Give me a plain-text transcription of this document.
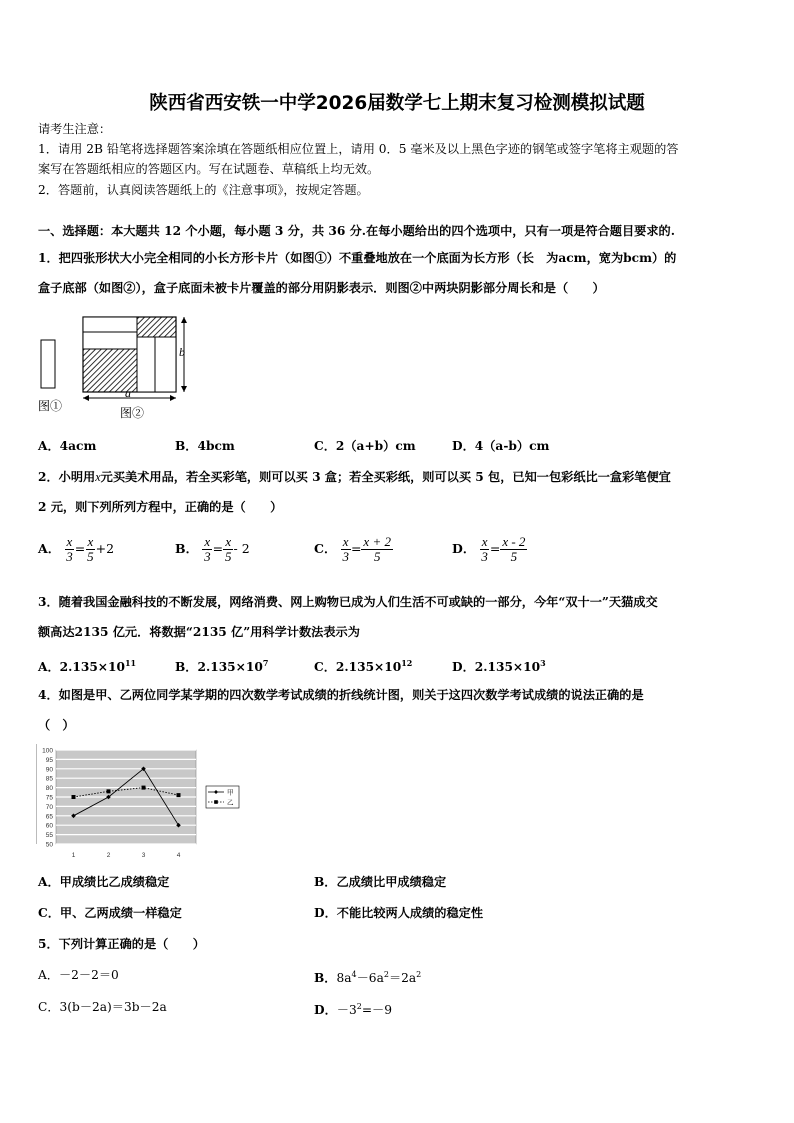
陕西省西安铁一中学2026届数学七上期末复习检测模拟试题
请考生注意：
1．请用 2B 铅笔将选择题答案涂填在答题纸相应位置上，请用 0．5 毫米及以上黑色字迹的钢笔或签字笔将主观题的答
案写在答题纸相应的答题区内。写在试题卷、草稿纸上均无效。
2．答题前，认真阅读答题纸上的《注意事项》，按规定答题。
一、选择题：本大题共 12 个小题，每小题 3 分，共 36 分.在每小题给出的四个选项中，只有一项是符合题目要求的.
1．把四张形状大小完全相同的小长方形卡片（如图①）不重叠地放在一个底面为长方形（长　为acm，宽为bcm）的
盒子底部（如图②），盒子底面未被卡片覆盖的部分用阴影表示．则图②中两块阴影部分周长和是（　　）
b
a
图①	图②
A．4acm	B．4bcm	C．2（a+b）cm	D．4（a-b）cm
2．小明用x元买美术用品，若全买彩笔，则可以买 3 盒；若全买彩纸，则可以买 5 包，已知一包彩纸比一盒彩笔便宜
2 元，则下列所列方程中，正确的是（　　）
A． $\frac{x}{3} = \frac{x}{5} +2$	B． $\frac{x}{3} = \frac{x}{5} - 2$	C． $\frac{x}{3} = \frac{x + 2}{5}$	D． $\frac{x}{3} = \frac{x - 2}{5}$
3．随着我国金融科技的不断发展，网络消费、网上购物已成为人们生活不可或缺的一部分，今年“双十一”天猫成交
额高达2135 亿元．将数据“2135 亿”用科学计数法表示为
A．$2.135\times 10^{11}$	B．$2.135\times 10^7$	C．$2.135\times 10^{12}$	D．$2.135\times 10^3$
4．如图是甲、乙两位同学某学期的四次数学考试成绩的折线统计图，则关于这四次数学考试成绩的说法正确的是
（　）
50
55
60
65
70
75
80
85
90
95
100
1	2	3	4
甲
乙
A．甲成绩比乙成绩稳定	B．乙成绩比甲成绩稳定
C．甲、乙两成绩一样稳定	D．不能比较两人成绩的稳定性
5．下列计算正确的是（　　）
A．－2－2＝0	B．$8a^4-6a^2=2a^2$
C．3(b－2a)＝3b－2a	D．$-3^2=-9$
